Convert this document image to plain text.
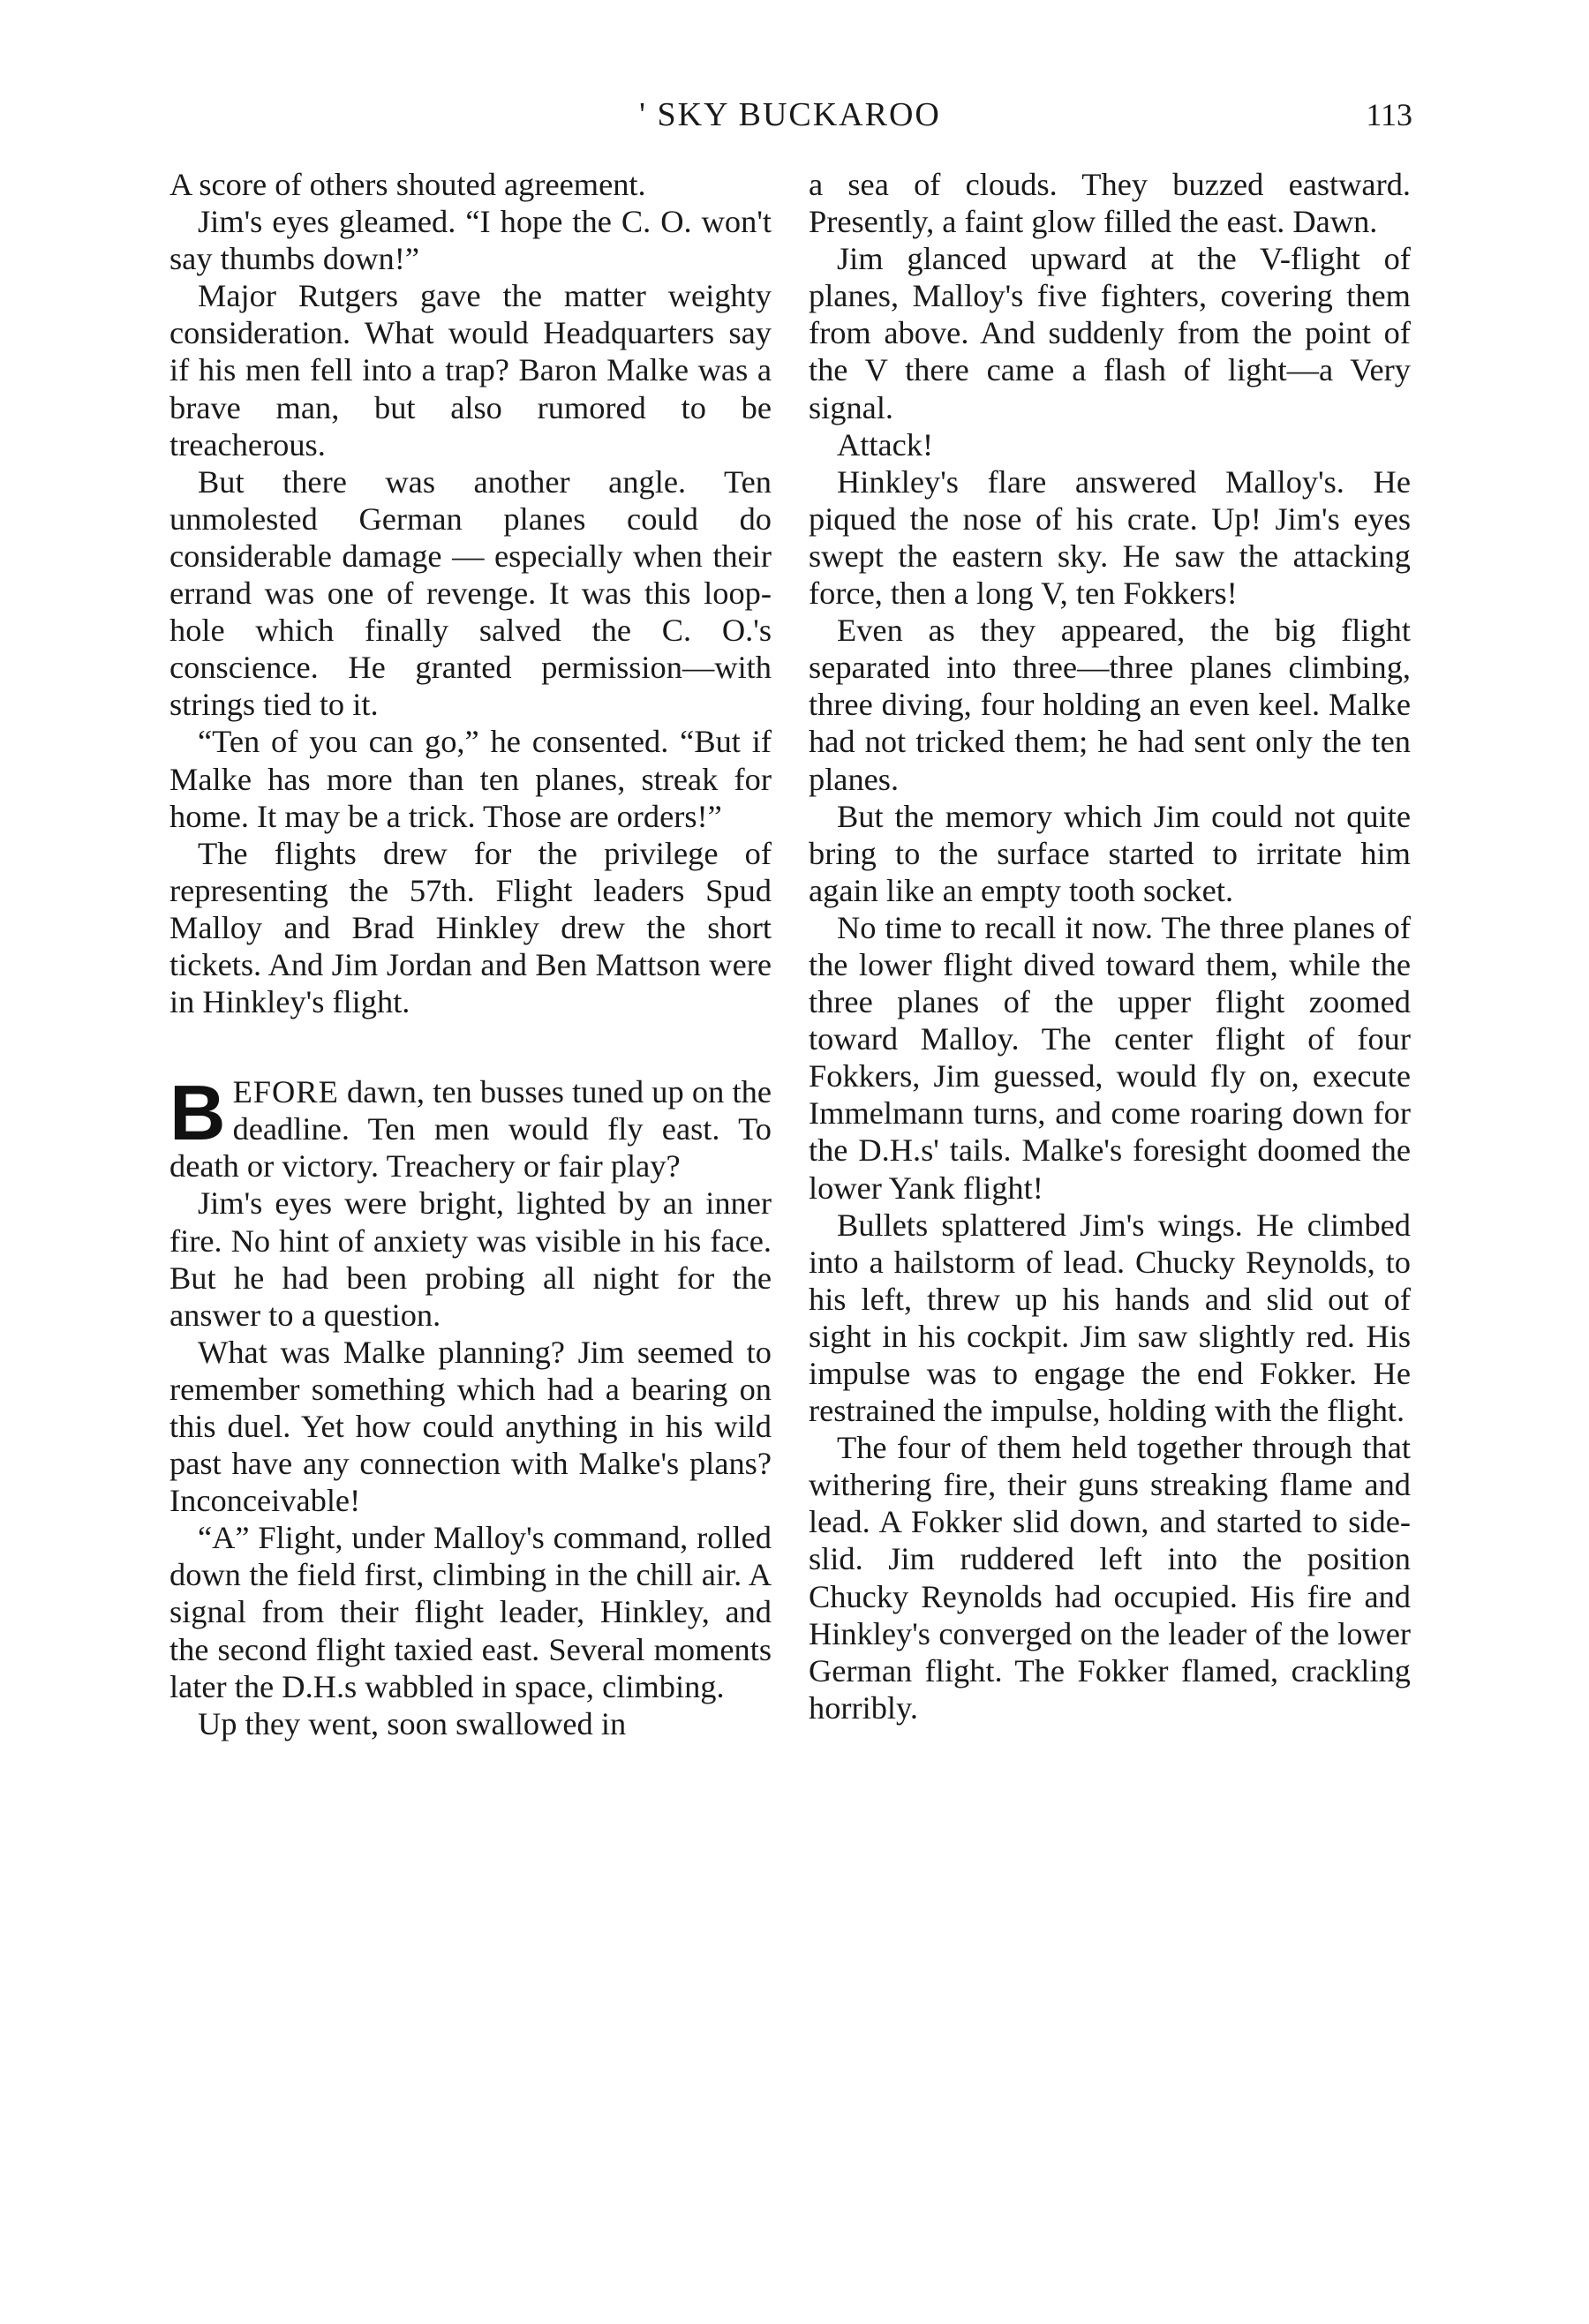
' SKY BUCKAROO	113

A score of others shouted agreement.

Jim's eyes gleamed. “I hope the C. O. won't say thumbs down!”

Major Rutgers gave the matter weighty consideration. What would Headquarters say if his men fell into a trap? Baron Malke was a brave man, but also rumored to be treacherous.

But there was another angle. Ten unmolested German planes could do considerable damage — especially when their errand was one of revenge. It was this loop-hole which finally salved the C. O.'s conscience. He granted permission—with strings tied to it.

“Ten of you can go,” he consented. “But if Malke has more than ten planes, streak for home. It may be a trick. Those are orders!”

The flights drew for the privilege of representing the 57th. Flight leaders Spud Malloy and Brad Hinkley drew the short tickets. And Jim Jordan and Ben Mattson were in Hinkley's flight.

BEFORE dawn, ten busses tuned up on the deadline. Ten men would fly east. To death or victory. Treachery or fair play?

Jim's eyes were bright, lighted by an inner fire. No hint of anxiety was visible in his face. But he had been probing all night for the answer to a question.

What was Malke planning? Jim seemed to remember something which had a bearing on this duel. Yet how could anything in his wild past have any connection with Malke's plans? Inconceivable!

“A” Flight, under Malloy's command, rolled down the field first, climbing in the chill air. A signal from their flight leader, Hinkley, and the second flight taxied east. Several moments later the D.H.s wabbled in space, climbing.

Up they went, soon swallowed in

a sea of clouds. They buzzed eastward. Presently, a faint glow filled the east. Dawn.

Jim glanced upward at the V-flight of planes, Malloy's five fighters, covering them from above. And suddenly from the point of the V there came a flash of light—a Very signal.

Attack!

Hinkley's flare answered Malloy's. He piqued the nose of his crate. Up! Jim's eyes swept the eastern sky. He saw the attacking force, then a long V, ten Fokkers!

Even as they appeared, the big flight separated into three—three planes climbing, three diving, four holding an even keel. Malke had not tricked them; he had sent only the ten planes.

But the memory which Jim could not quite bring to the surface started to irritate him again like an empty tooth socket.

No time to recall it now. The three planes of the lower flight dived toward them, while the three planes of the upper flight zoomed toward Malloy. The center flight of four Fokkers, Jim guessed, would fly on, execute Immelmann turns, and come roaring down for the D.H.s' tails. Malke's foresight doomed the lower Yank flight!

Bullets splattered Jim's wings. He climbed into a hailstorm of lead. Chucky Reynolds, to his left, threw up his hands and slid out of sight in his cockpit. Jim saw slightly red. His impulse was to engage the end Fokker. He restrained the impulse, holding with the flight.

The four of them held together through that withering fire, their guns streaking flame and lead. A Fokker slid down, and started to side-slid. Jim ruddered left into the position Chucky Reynolds had occupied. His fire and Hinkley's converged on the leader of the lower German flight. The Fokker flamed, crackling horribly.
